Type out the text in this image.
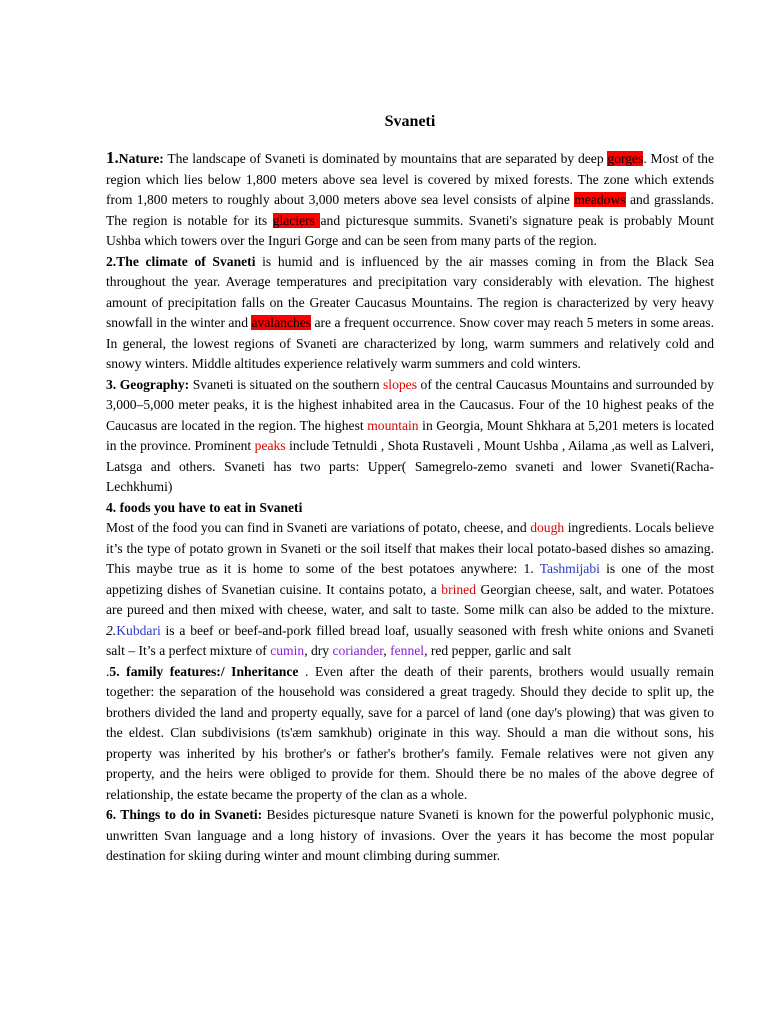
Svaneti

1.Nature: The landscape of Svaneti is dominated by mountains that are separated by deep gorges. Most of the region which lies below 1,800 meters above sea level is covered by mixed forests. The zone which extends from 1,800 meters to roughly about 3,000 meters above sea level consists of alpine meadows and grasslands. The region is notable for its glaciers and picturesque summits. Svaneti's signature peak is probably Mount Ushba which towers over the Inguri Gorge and can be seen from many parts of the region.

2.The climate of Svaneti is humid and is influenced by the air masses coming in from the Black Sea throughout the year. Average temperatures and precipitation vary considerably with elevation. The highest amount of precipitation falls on the Greater Caucasus Mountains. The region is characterized by very heavy snowfall in the winter and avalanches are a frequent occurrence. Snow cover may reach 5 meters in some areas. In general, the lowest regions of Svaneti are characterized by long, warm summers and relatively cold and snowy winters. Middle altitudes experience relatively warm summers and cold winters.

3. Geography: Svaneti is situated on the southern slopes of the central Caucasus Mountains and surrounded by 3,000–5,000 meter peaks, it is the highest inhabited area in the Caucasus. Four of the 10 highest peaks of the Caucasus are located in the region. The highest mountain in Georgia, Mount Shkhara at 5,201 meters is located in the province. Prominent peaks include Tetnuldi , Shota Rustaveli , Mount Ushba , Ailama ,as well as Lalveri, Latsga and others. Svaneti has two parts: Upper( Samegrelo-zemo svaneti and lower Svaneti(Racha-Lechkhumi)

4. foods you have to eat in Svaneti

Most of the food you can find in Svaneti are variations of potato, cheese, and dough ingredients. Locals believe it’s the type of potato grown in Svaneti or the soil itself that makes their local potato-based dishes so amazing. This maybe true as it is home to some of the best potatoes anywhere: 1. Tashmijabi is one of the most appetizing dishes of Svanetian cuisine. It contains potato, a brined Georgian cheese, salt, and water. Potatoes are pureed and then mixed with cheese, water, and salt to taste. Some milk can also be added to the mixture. 2.Kubdari is a beef or beef-and-pork filled bread loaf, usually seasoned with fresh white onions and Svaneti salt – It’s a perfect mixture of cumin, dry coriander, fennel, red pepper, garlic and salt

.5. family features:/ Inheritance . Even after the death of their parents, brothers would usually remain together: the separation of the household was considered a great tragedy. Should they decide to split up, the brothers divided the land and property equally, save for a parcel of land (one day's plowing) that was given to the eldest. Clan subdivisions (ts'æm samkhub) originate in this way. Should a man die without sons, his property was inherited by his brother's or father's brother's family. Female relatives were not given any property, and the heirs were obliged to provide for them. Should there be no males of the above degree of relationship, the estate became the property of the clan as a whole.

6. Things to do in Svaneti: Besides picturesque nature Svaneti is known for the powerful polyphonic music, unwritten Svan language and a long history of invasions. Over the years it has become the most popular destination for skiing during winter and mount climbing during summer.
